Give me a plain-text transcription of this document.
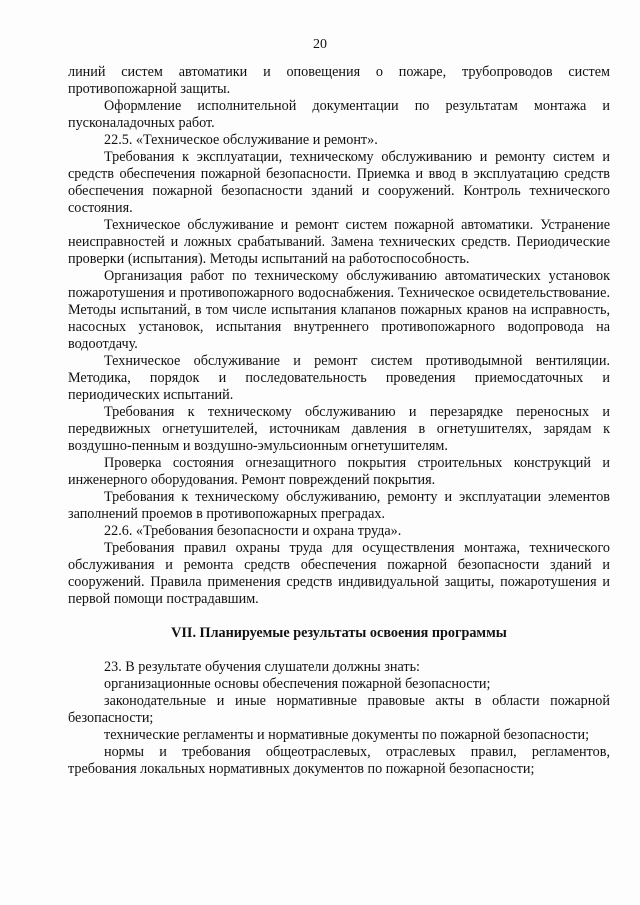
20

линий систем автоматики и оповещения о пожаре, трубопроводов систем противопожарной защиты.

Оформление исполнительной документации по результатам монтажа и пусконаладочных работ.

22.5. «Техническое обслуживание и ремонт».

Требования к эксплуатации, техническому обслуживанию и ремонту систем и средств обеспечения пожарной безопасности. Приемка и ввод в эксплуатацию средств обеспечения пожарной безопасности зданий и сооружений. Контроль технического состояния.

Техническое обслуживание и ремонт систем пожарной автоматики. Устранение неисправностей и ложных срабатываний. Замена технических средств. Периодические проверки (испытания). Методы испытаний на работоспособность.

Организация работ по техническому обслуживанию автоматических установок пожаротушения и противопожарного водоснабжения. Техническое освидетельствование. Методы испытаний, в том числе испытания клапанов пожарных кранов на исправность, насосных установок, испытания внутреннего противопожарного водопровода на водоотдачу.

Техническое обслуживание и ремонт систем противодымной вентиляции. Методика, порядок и последовательность проведения приемосдаточных и периодических испытаний.

Требования к техническому обслуживанию и перезарядке переносных и передвижных огнетушителей, источникам давления в огнетушителях, зарядам к воздушно-пенным и воздушно-эмульсионным огнетушителям.

Проверка состояния огнезащитного покрытия строительных конструкций и инженерного оборудования. Ремонт повреждений покрытия.

Требования к техническому обслуживанию, ремонту и эксплуатации элементов заполнений проемов в противопожарных преградах.

22.6. «Требования безопасности и охрана труда».

Требования правил охраны труда для осуществления монтажа, технического обслуживания и ремонта средств обеспечения пожарной безопасности зданий и сооружений. Правила применения средств индивидуальной защиты, пожаротушения и первой помощи пострадавшим.

VII. Планируемые результаты освоения программы

23. В результате обучения слушатели должны знать:

организационные основы обеспечения пожарной безопасности;

законодательные и иные нормативные правовые акты в области пожарной безопасности;

технические регламенты и нормативные документы по пожарной безопасности;

нормы и требования общеотраслевых, отраслевых правил, регламентов, требования локальных нормативных документов по пожарной безопасности;
